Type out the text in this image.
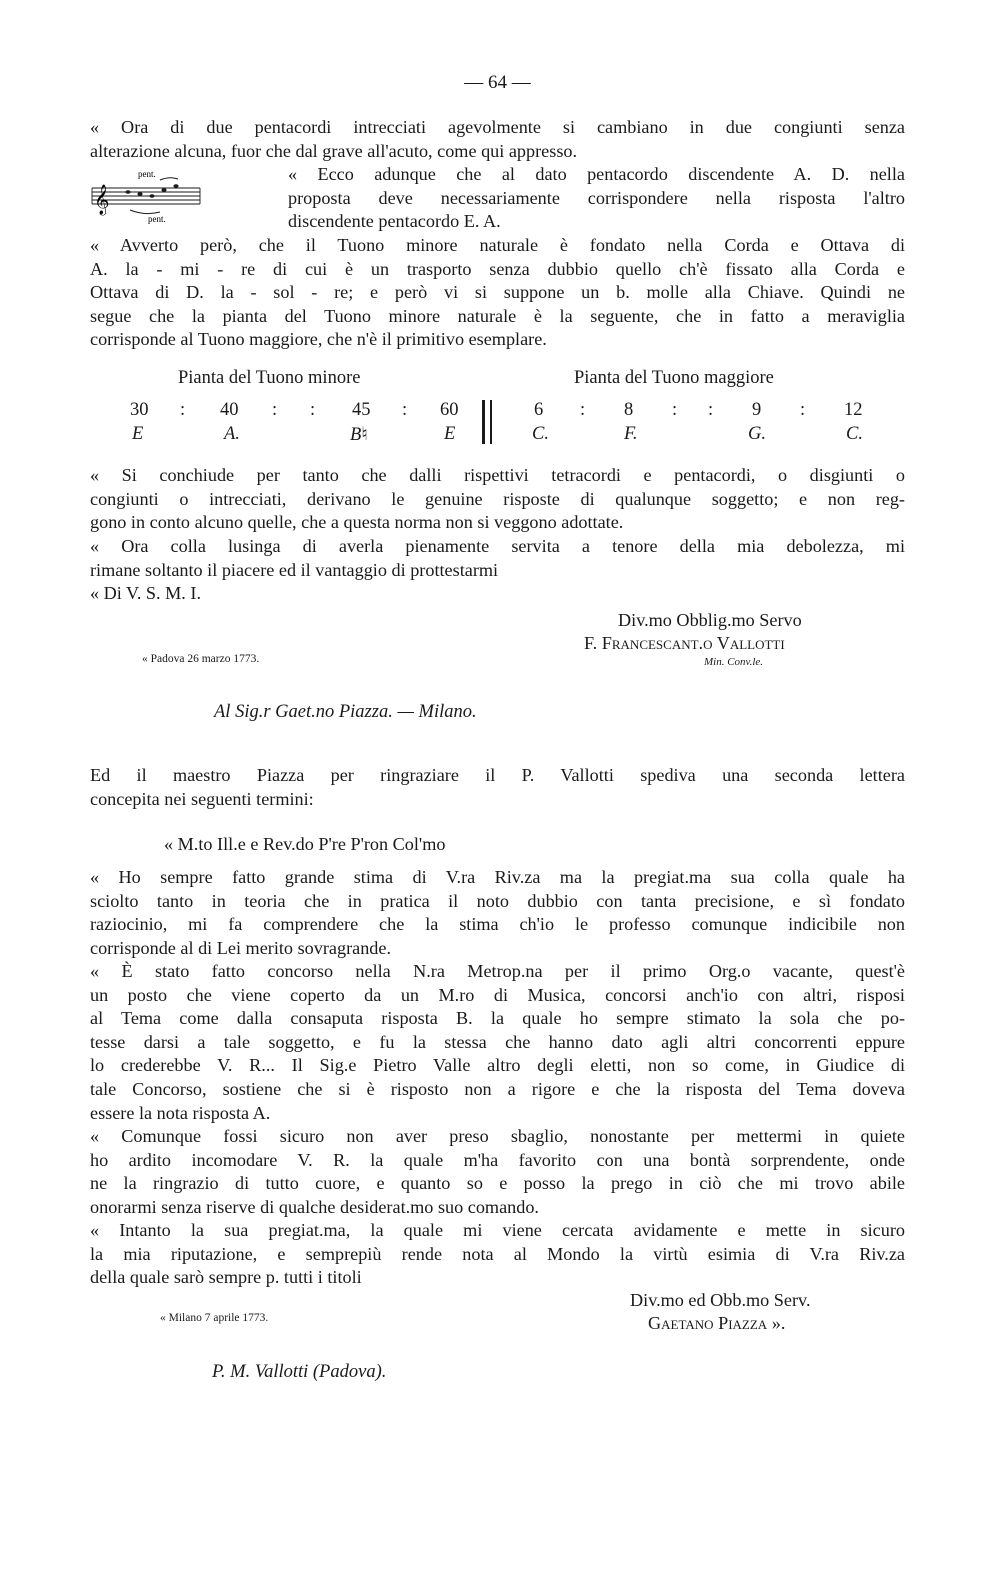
— 64 —

« Ora di due pentacordi intrecciati agevolmente si cambiano in due congiunti senza
alterazione alcuna, fuor che dal grave all'acuto, come qui appresso.

pent.
pent.
𝄞
« Ecco adunque che al dato pentacordo discendente A. D. nella
proposta deve necessariamente corrispondere nella risposta l'altro
discendente pentacordo E. A.

« Avverto però, che il Tuono minore naturale è fondato nella Corda e Ottava di
A. la - mi - re di cui è un trasporto senza dubbio quello ch'è fissato alla Corda e
Ottava di D. la - sol - re; e però vi si suppone un b. molle alla Chiave. Quindi ne
segue che la pianta del Tuono minore naturale è la seguente, che in fatto a meraviglia
corrisponde al Tuono maggiore, che n'è il primitivo esemplare.

Pianta del Tuono minore	Pianta del Tuono maggiore
30 : 40 : : 45 : 60
E	A.	B♮	E
6 : 8 : : 9 : 12
C.	F.	G.	C.

« Si conchiude per tanto che dalli rispettivi tetracordi e pentacordi, o disgiunti o
congiunti o intrecciati, derivano le genuine risposte di qualunque soggetto; e non reg-
gono in conto alcuno quelle, che a questa norma non si veggono adottate.

« Ora colla lusinga di averla pienamente servita a tenore della mia debolezza, mi
rimane soltanto il piacere ed il vantaggio di prottestarmi
« Di V. S. M. I.

Div.mo Obblig.mo Servo
F. Francescant.o Vallotti
Min. Conv.le.
« Padova 26 marzo 1773.
Al Sig.r Gaet.no Piazza. — Milano.

Ed il maestro Piazza per ringraziare il P. Vallotti spediva una seconda lettera
concepita nei seguenti termini:

« M.to Ill.e e Rev.do P're P'ron Col'mo

« Ho sempre fatto grande stima di V.ra Riv.za ma la pregiat.ma sua colla quale ha
sciolto tanto in teoria che in pratica il noto dubbio con tanta precisione, e sì fondato
raziocinio, mi fa comprendere che la stima ch'io le professo comunque indicibile non
corrisponde al di Lei merito sovragrande.

« È stato fatto concorso nella N.ra Metrop.na per il primo Org.o vacante, quest'è
un posto che viene coperto da un M.ro di Musica, concorsi anch'io con altri, risposi
al Tema come dalla consaputa risposta B. la quale ho sempre stimato la sola che po-
tesse darsi a tale soggetto, e fu la stessa che hanno dato agli altri concorrenti eppure
lo crederebbe V. R... Il Sig.e Pietro Valle altro degli eletti, non so come, in Giudice di
tale Concorso, sostiene che si è risposto non a rigore e che la risposta del Tema doveva
essere la nota risposta A.

« Comunque fossi sicuro non aver preso sbaglio, nonostante per mettermi in quiete
ho ardito incomodare V. R. la quale m'ha favorito con una bontà sorprendente, onde
ne la ringrazio di tutto cuore, e quanto so e posso la prego in ciò che mi trovo abile
onorarmi senza riserve di qualche desiderat.mo suo comando.

« Intanto la sua pregiat.ma, la quale mi viene cercata avidamente e mette in sicuro
la mia riputazione, e semprepiù rende nota al Mondo la virtù esimia di V.ra Riv.za
della quale sarò sempre p. tutti i titoli

Div.mo ed Obb.mo Serv.
Gaetano Piazza ».
« Milano 7 aprile 1773.
P. M. Vallotti (Padova).
